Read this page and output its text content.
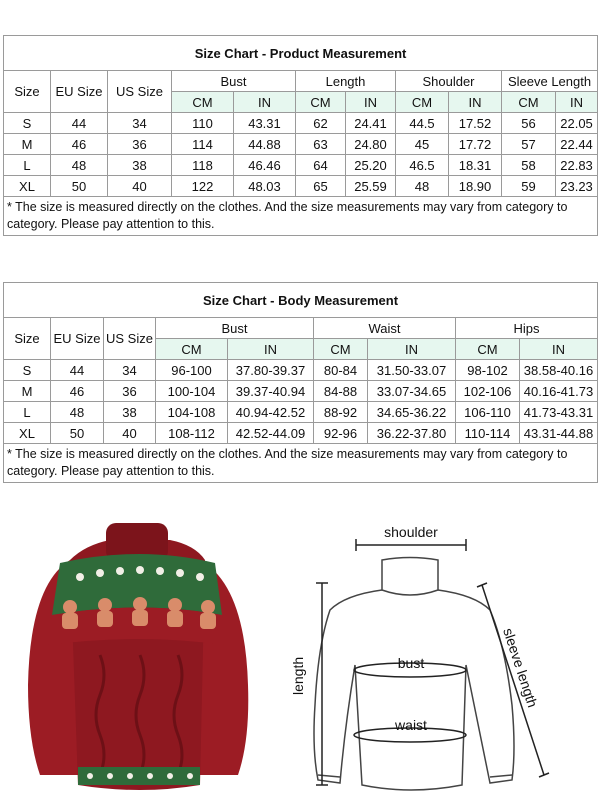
Size Chart - Product Measurement										
Size	EU Size	US Size	Bust		Length		Shoulder		Sleeve Length	
			CM	IN	CM	IN	CM	IN	CM	IN
S	44	34	110	43.31	62	24.41	44.5	17.52	56	22.05
M	46	36	114	44.88	63	24.80	45	17.72	57	22.44
L	48	38	118	46.46	64	25.20	46.5	18.31	58	22.83
XL	50	40	122	48.03	65	25.59	48	18.90	59	23.23
* The size is measured directly on the clothes. And the size measurements may vary from category to category. Please pay attention to this.										
Size Chart - Body Measurement								
Size	EU Size	US Size	Bust		Waist		Hips	
			CM	IN	CM	IN	CM	IN
S	44	34	96-100	37.80-39.37	80-84	31.50-33.07	98-102	38.58-40.16
M	46	36	100-104	39.37-40.94	84-88	33.07-34.65	102-106	40.16-41.73
L	48	38	104-108	40.94-42.52	88-92	34.65-36.22	106-110	41.73-43.31
XL	50	40	108-112	42.52-44.09	92-96	36.22-37.80	110-114	43.31-44.88
* The size is measured directly on the clothes. And the size measurements may vary from category to category. Please pay attention to this.								
shoulder
bust
waist
length	sleeve length
